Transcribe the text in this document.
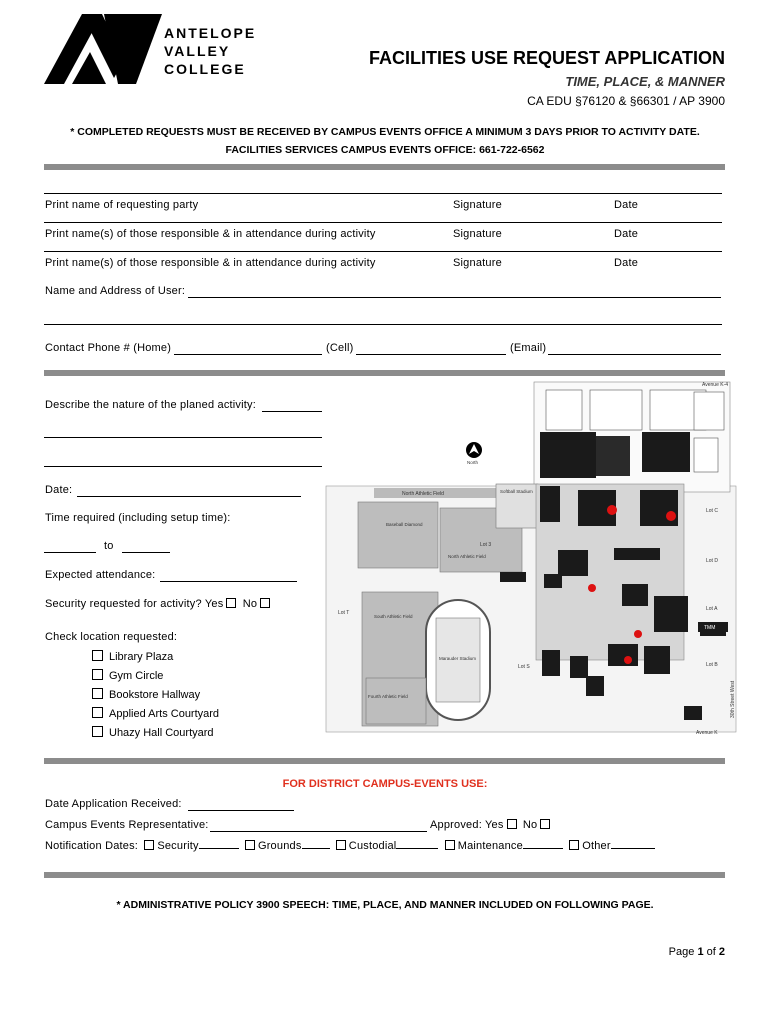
ANTELOPE
VALLEY
COLLEGE
FACILITIES USE REQUEST APPLICATION
TIME, PLACE, & MANNER
CA EDU §76120 & §66301 / AP 3900
* COMPLETED REQUESTS MUST BE RECEIVED BY CAMPUS EVENTS OFFICE A MINIMUM 3 DAYS PRIOR TO ACTIVITY DATE.
FACILITIES SERVICES CAMPUS EVENTS OFFICE: 661-722-6562
Print name of requesting party	Signature	Date
Print name(s) of those responsible & in attendance during activity	Signature	Date
Print name(s) of those responsible & in attendance during activity	Signature	Date
Name and Address of User:
Contact Phone # (Home)	(Cell)	(Email)
Describe the nature of the planed activity:
Date:
Time required (including setup time):
to
Expected attendance:
Security requested for activity? Yes No
Check location requested:
Library Plaza
Gym Circle
Bookstore Hallway
Applied Arts Courtyard
Uhazy Hall Courtyard
North Athletic Field
Baseball Diamond
North Athletic Field
Softball Stadium
South Athletic Field
Marauder Stadium
Fourth Athletic Field
Lot T
Lot S
Lot 3
Lot A
Lot B
Lot C
Lot D
TMM
North
Avenue K
Avenue K-4
30th Street West
FOR DISTRICT CAMPUS-EVENTS USE:
Date Application Received:
Campus Events Representative:	Approved: Yes No
Notification Dates: Security	Grounds	Custodial	Maintenance	Other
* ADMINISTRATIVE POLICY 3900 SPEECH: TIME, PLACE, AND MANNER INCLUDED ON FOLLOWING PAGE.
Page 1 of 2
